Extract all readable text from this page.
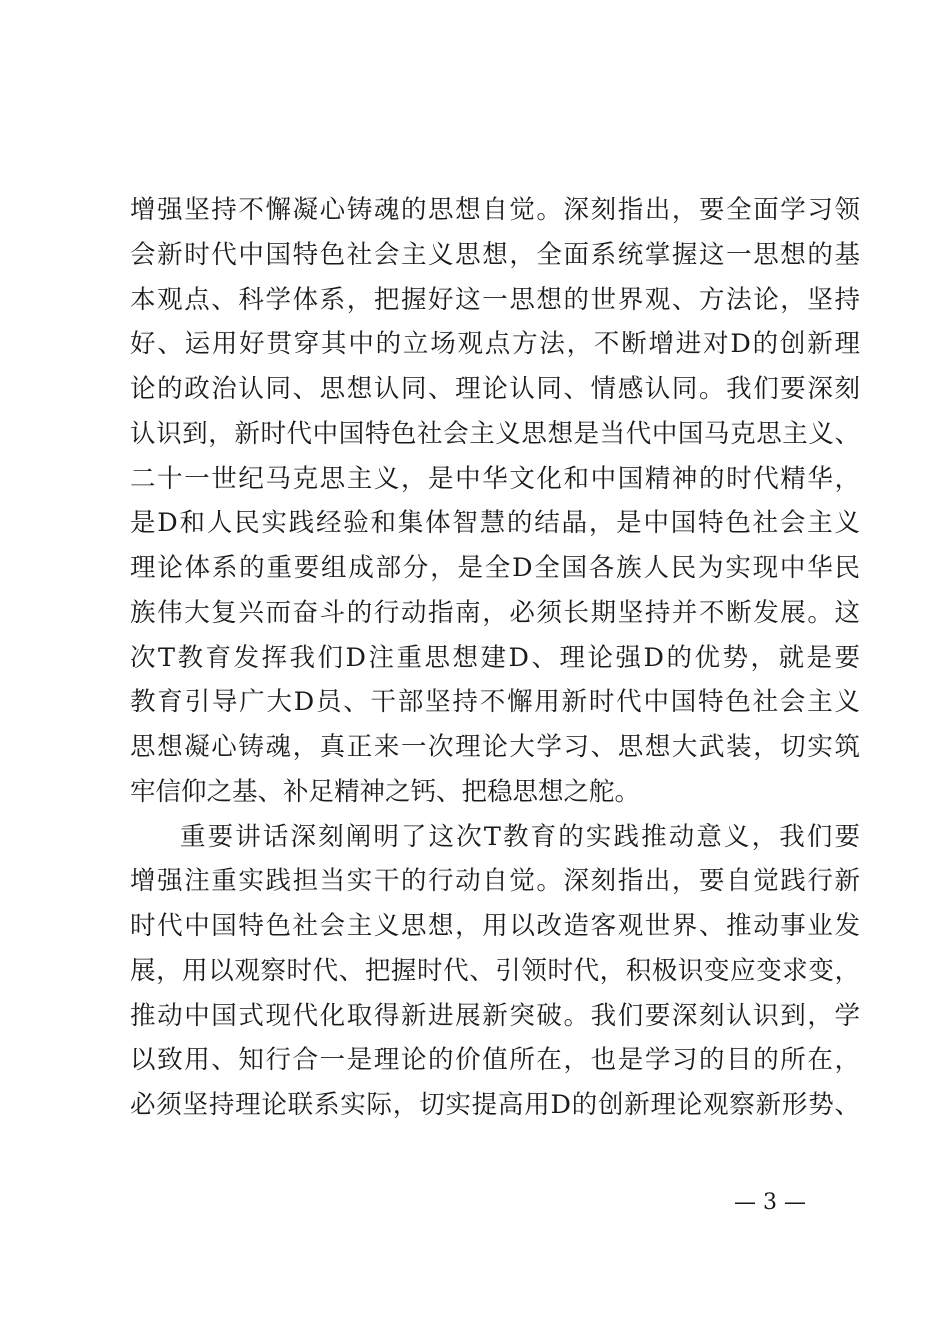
增强坚持不懈凝心铸魂的思想自觉。深刻指出，要全面学习领
会新时代中国特色社会主义思想，全面系统掌握这一思想的基
本观点、科学体系，把握好这一思想的世界观、方法论，坚持
好、运用好贯穿其中的立场观点方法，不断增进对D的创新理
论的政治认同、思想认同、理论认同、情感认同。我们要深刻
认识到，新时代中国特色社会主义思想是当代中国马克思主义、
二十一世纪马克思主义，是中华文化和中国精神的时代精华，
是D和人民实践经验和集体智慧的结晶，是中国特色社会主义
理论体系的重要组成部分，是全D全国各族人民为实现中华民
族伟大复兴而奋斗的行动指南，必须长期坚持并不断发展。这
次T教育发挥我们D注重思想建D、理论强D的优势，就是要
教育引导广大D员、干部坚持不懈用新时代中国特色社会主义
思想凝心铸魂，真正来一次理论大学习、思想大武装，切实筑
牢信仰之基、补足精神之钙、把稳思想之舵。
重要讲话深刻阐明了这次T教育的实践推动意义，我们要
增强注重实践担当实干的行动自觉。深刻指出，要自觉践行新
时代中国特色社会主义思想，用以改造客观世界、推动事业发
展，用以观察时代、把握时代、引领时代，积极识变应变求变，
推动中国式现代化取得新进展新突破。我们要深刻认识到，学
以致用、知行合一是理论的价值所在，也是学习的目的所在，
必须坚持理论联系实际，切实提高用D的创新理论观察新形势、
— 3 —
